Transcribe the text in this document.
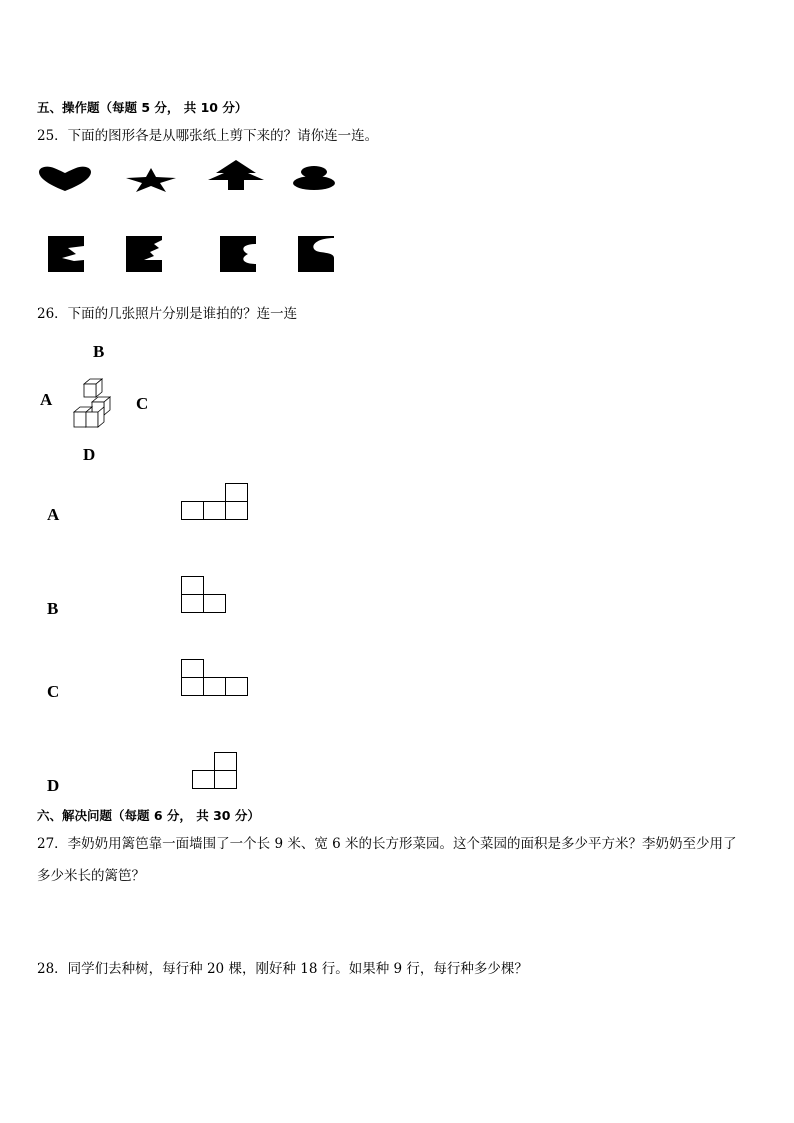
五、操作题（每题 5 分， 共 10 分）
25．下面的图形各是从哪张纸上剪下来的？请你连一连。
26．下面的几张照片分别是谁拍的？连一连
B
A	C
D
A
B
C
D
六、解决问题（每题 6 分， 共 30 分）
27．李奶奶用篱笆靠一面墙围了一个长 9 米、宽 6 米的长方形菜园。这个菜园的面积是多少平方米？李奶奶至少用了
多少米长的篱笆？
28．同学们去种树，每行种 20 棵，刚好种 18 行。如果种 9 行，每行种多少棵？
